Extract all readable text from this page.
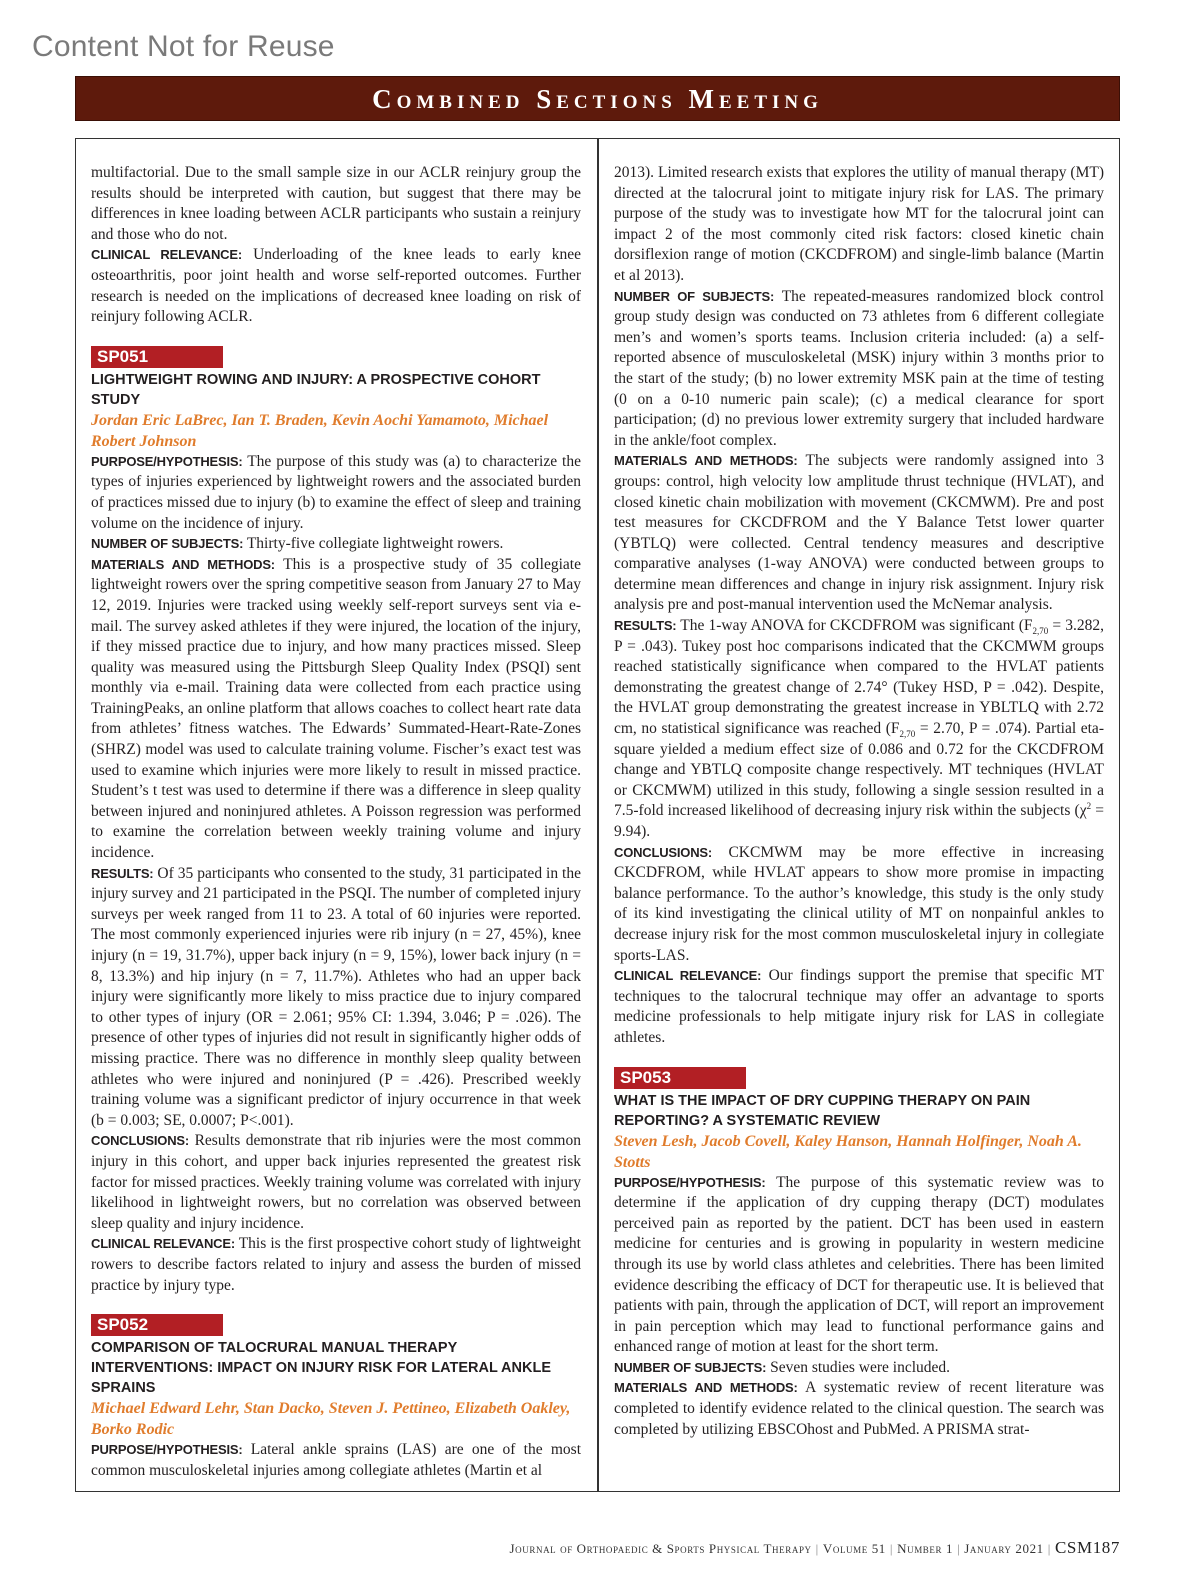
Content Not for Reuse
Combined Sections Meeting

multifactorial. Due to the small sample size in our ACLR reinjury group the results should be interpreted with caution, but suggest that there may be differences in knee loading between ACLR participants who sustain a reinjury and those who do not.

CLINICAL RELEVANCE: Underloading of the knee leads to early knee osteoarthritis, poor joint health and worse self-reported outcomes. Further research is needed on the implications of decreased knee loading on risk of reinjury following ACLR.

SP051
LIGHTWEIGHT ROWING AND INJURY: A PROSPECTIVE COHORT STUDY
Jordan Eric LaBrec, Ian T. Braden, Kevin Aochi Yamamoto, Michael Robert Johnson

PURPOSE/HYPOTHESIS: The purpose of this study was (a) to characterize the types of injuries experienced by lightweight rowers and the associated burden of practices missed due to injury (b) to examine the effect of sleep and training volume on the incidence of injury.

NUMBER OF SUBJECTS: Thirty-five collegiate lightweight rowers.

MATERIALS AND METHODS: This is a prospective study of 35 collegiate lightweight rowers over the spring competitive season from January 27 to May 12, 2019. Injuries were tracked using weekly self-report surveys sent via e-mail. The survey asked athletes if they were injured, the location of the injury, if they missed practice due to injury, and how many practices missed. Sleep quality was measured using the Pittsburgh Sleep Quality Index (PSQI) sent monthly via e-mail. Training data were collected from each practice using TrainingPeaks, an online platform that allows coaches to collect heart rate data from athletes’ fitness watches. The Edwards’ Summated-Heart-Rate-Zones (SHRZ) model was used to calculate training volume. Fischer’s exact test was used to examine which injuries were more likely to result in missed practice. Student’s t test was used to determine if there was a difference in sleep quality between injured and noninjured athletes. A Poisson regression was performed to examine the correlation between weekly training volume and injury incidence.

RESULTS: Of 35 participants who consented to the study, 31 participated in the injury survey and 21 participated in the PSQI. The number of completed injury surveys per week ranged from 11 to 23. A total of 60 injuries were reported. The most commonly experienced injuries were rib injury (n = 27, 45%), knee injury (n = 19, 31.7%), upper back injury (n = 9, 15%), lower back injury (n = 8, 13.3%) and hip injury (n = 7, 11.7%). Athletes who had an upper back injury were significantly more likely to miss practice due to injury compared to other types of injury (OR = 2.061; 95% CI: 1.394, 3.046; P = .026). The presence of other types of injuries did not result in significantly higher odds of missing practice. There was no difference in monthly sleep quality between athletes who were injured and noninjured (P = .426). Prescribed weekly training volume was a significant predictor of injury occurrence in that week (b = 0.003; SE, 0.0007; P<.001).

CONCLUSIONS: Results demonstrate that rib injuries were the most common injury in this cohort, and upper back injuries represented the greatest risk factor for missed practices. Weekly training volume was correlated with injury likelihood in lightweight rowers, but no correlation was observed between sleep quality and injury incidence.

CLINICAL RELEVANCE: This is the first prospective cohort study of lightweight rowers to describe factors related to injury and assess the burden of missed practice by injury type.

SP052
COMPARISON OF TALOCRURAL MANUAL THERAPY INTERVENTIONS: IMPACT ON INJURY RISK FOR LATERAL ANKLE SPRAINS
Michael Edward Lehr, Stan Dacko, Steven J. Pettineo, Elizabeth Oakley, Borko Rodic

PURPOSE/HYPOTHESIS: Lateral ankle sprains (LAS) are one of the most common musculoskeletal injuries among collegiate athletes (Martin et al

2013). Limited research exists that explores the utility of manual therapy (MT) directed at the talocrural joint to mitigate injury risk for LAS. The primary purpose of the study was to investigate how MT for the talocrural joint can impact 2 of the most commonly cited risk factors: closed kinetic chain dorsiflexion range of motion (CKCDFROM) and single-limb balance (Martin et al 2013).

NUMBER OF SUBJECTS: The repeated-measures randomized block control group study design was conducted on 73 athletes from 6 different collegiate men’s and women’s sports teams. Inclusion criteria included: (a) a self-reported absence of musculoskeletal (MSK) injury within 3 months prior to the start of the study; (b) no lower extremity MSK pain at the time of testing (0 on a 0-10 numeric pain scale); (c) a medical clearance for sport participation; (d) no previous lower extremity surgery that included hardware in the ankle/foot complex.

MATERIALS AND METHODS: The subjects were randomly assigned into 3 groups: control, high velocity low amplitude thrust technique (HVLAT), and closed kinetic chain mobilization with movement (CKCMWM). Pre and post test measures for CKCDFROM and the Y Balance Tetst lower quarter (YBTLQ) were collected. Central tendency measures and descriptive comparative analyses (1-way ANOVA) were conducted between groups to determine mean differences and change in injury risk assignment. Injury risk analysis pre and post-manual intervention used the McNemar analysis.

RESULTS: The 1-way ANOVA for CKCDFROM was significant ($F_{2,70} = 3.282$, P = .043). Tukey post hoc comparisons indicated that the CKCMWM groups reached statistically significance when compared to the HVLAT patients demonstrating the greatest change of 2.74° (Tukey HSD, P = .042). Despite, the HVLAT group demonstrating the greatest increase in YBLTLQ with 2.72 cm, no statistical significance was reached ($F_{2,70} = 2.70$, P = .074). Partial eta-square yielded a medium effect size of 0.086 and 0.72 for the CKCDFROM change and YBTLQ composite change respectively. MT techniques (HVLAT or CKCMWM) utilized in this study, following a single session resulted in a 7.5-fold increased likelihood of decreasing injury risk within the subjects $(\chi^2 = 9.94)$.

CONCLUSIONS: CKCMWM may be more effective in increasing CKCDFROM, while HVLAT appears to show more promise in impacting balance performance. To the author’s knowledge, this study is the only study of its kind investigating the clinical utility of MT on nonpainful ankles to decrease injury risk for the most common musculoskeletal injury in collegiate sports-LAS.

CLINICAL RELEVANCE: Our findings support the premise that specific MT techniques to the talocrural technique may offer an advantage to sports medicine professionals to help mitigate injury risk for LAS in collegiate athletes.

SP053
WHAT IS THE IMPACT OF DRY CUPPING THERAPY ON PAIN REPORTING? A SYSTEMATIC REVIEW
Steven Lesh, Jacob Covell, Kaley Hanson, Hannah Holfinger, Noah A. Stotts

PURPOSE/HYPOTHESIS: The purpose of this systematic review was to determine if the application of dry cupping therapy (DCT) modulates perceived pain as reported by the patient. DCT has been used in eastern medicine for centuries and is growing in popularity in western medicine through its use by world class athletes and celebrities. There has been limited evidence describing the efficacy of DCT for therapeutic use. It is believed that patients with pain, through the application of DCT, will report an improvement in pain perception which may lead to functional performance gains and enhanced range of motion at least for the short term.

NUMBER OF SUBJECTS: Seven studies were included.

MATERIALS AND METHODS: A systematic review of recent literature was completed to identify evidence related to the clinical question. The search was completed by utilizing EBSCOhost and PubMed. A PRISMA strat-

Journal of Orthopaedic & Sports Physical Therapy | Volume 51 | Number 1 | January 2021 | CSM187
